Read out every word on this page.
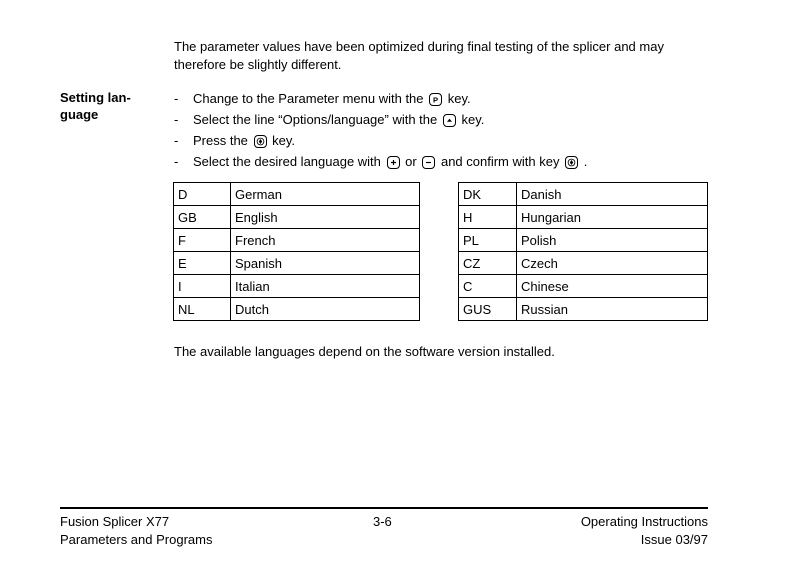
The parameter values have been optimized during final testing of the splicer and may
therefore be slightly different.
Setting lan-
guage
- Change to the Parameter menu with the P key.
- Select the line “Options/language” with the key.
- Press the key.
- Select the desired language with or and confirm with key .
D	German
GB	English
F	French
E	Spanish
I	Italian
NL	Dutch
DK	Danish
H	Hungarian
PL	Polish
CZ	Czech
C	Chinese
GUS	Russian
The available languages depend on the software version installed.
Fusion Splicer X77
Parameters and Programs
3-6	Operating Instructions
Issue 03/97
